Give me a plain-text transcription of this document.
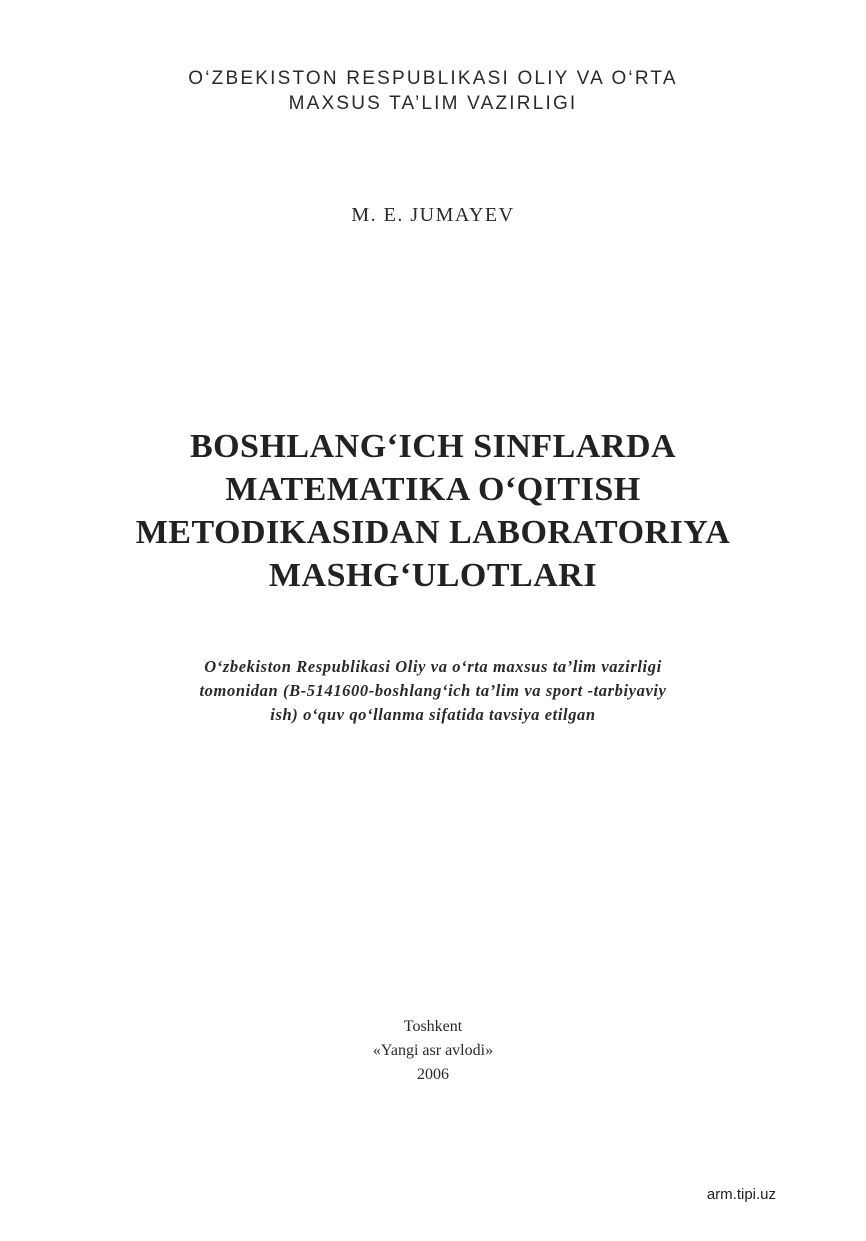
O‘ZBEKISTON RESPUBLIKASI OLIY VA O‘RTA
MAXSUS TA’LIM VAZIRLIGI
M. E. JUMAYEV
BOSHLANG‘ICH SINFLARDA
MATEMATIKA O‘QITISH
METODIKASIDAN LABORATORIYA
MASHG‘ULOTLARI
O‘zbekiston Respublikasi Oliy va o‘rta maxsus ta’lim vazirligi
tomonidan (B-5141600-boshlang‘ich ta’lim va sport -tarbiyaviy
ish) o‘quv qo‘llanma sifatida tavsiya etilgan
Toshkent
«Yangi asr avlodi»
2006
arm.tipi.uz
